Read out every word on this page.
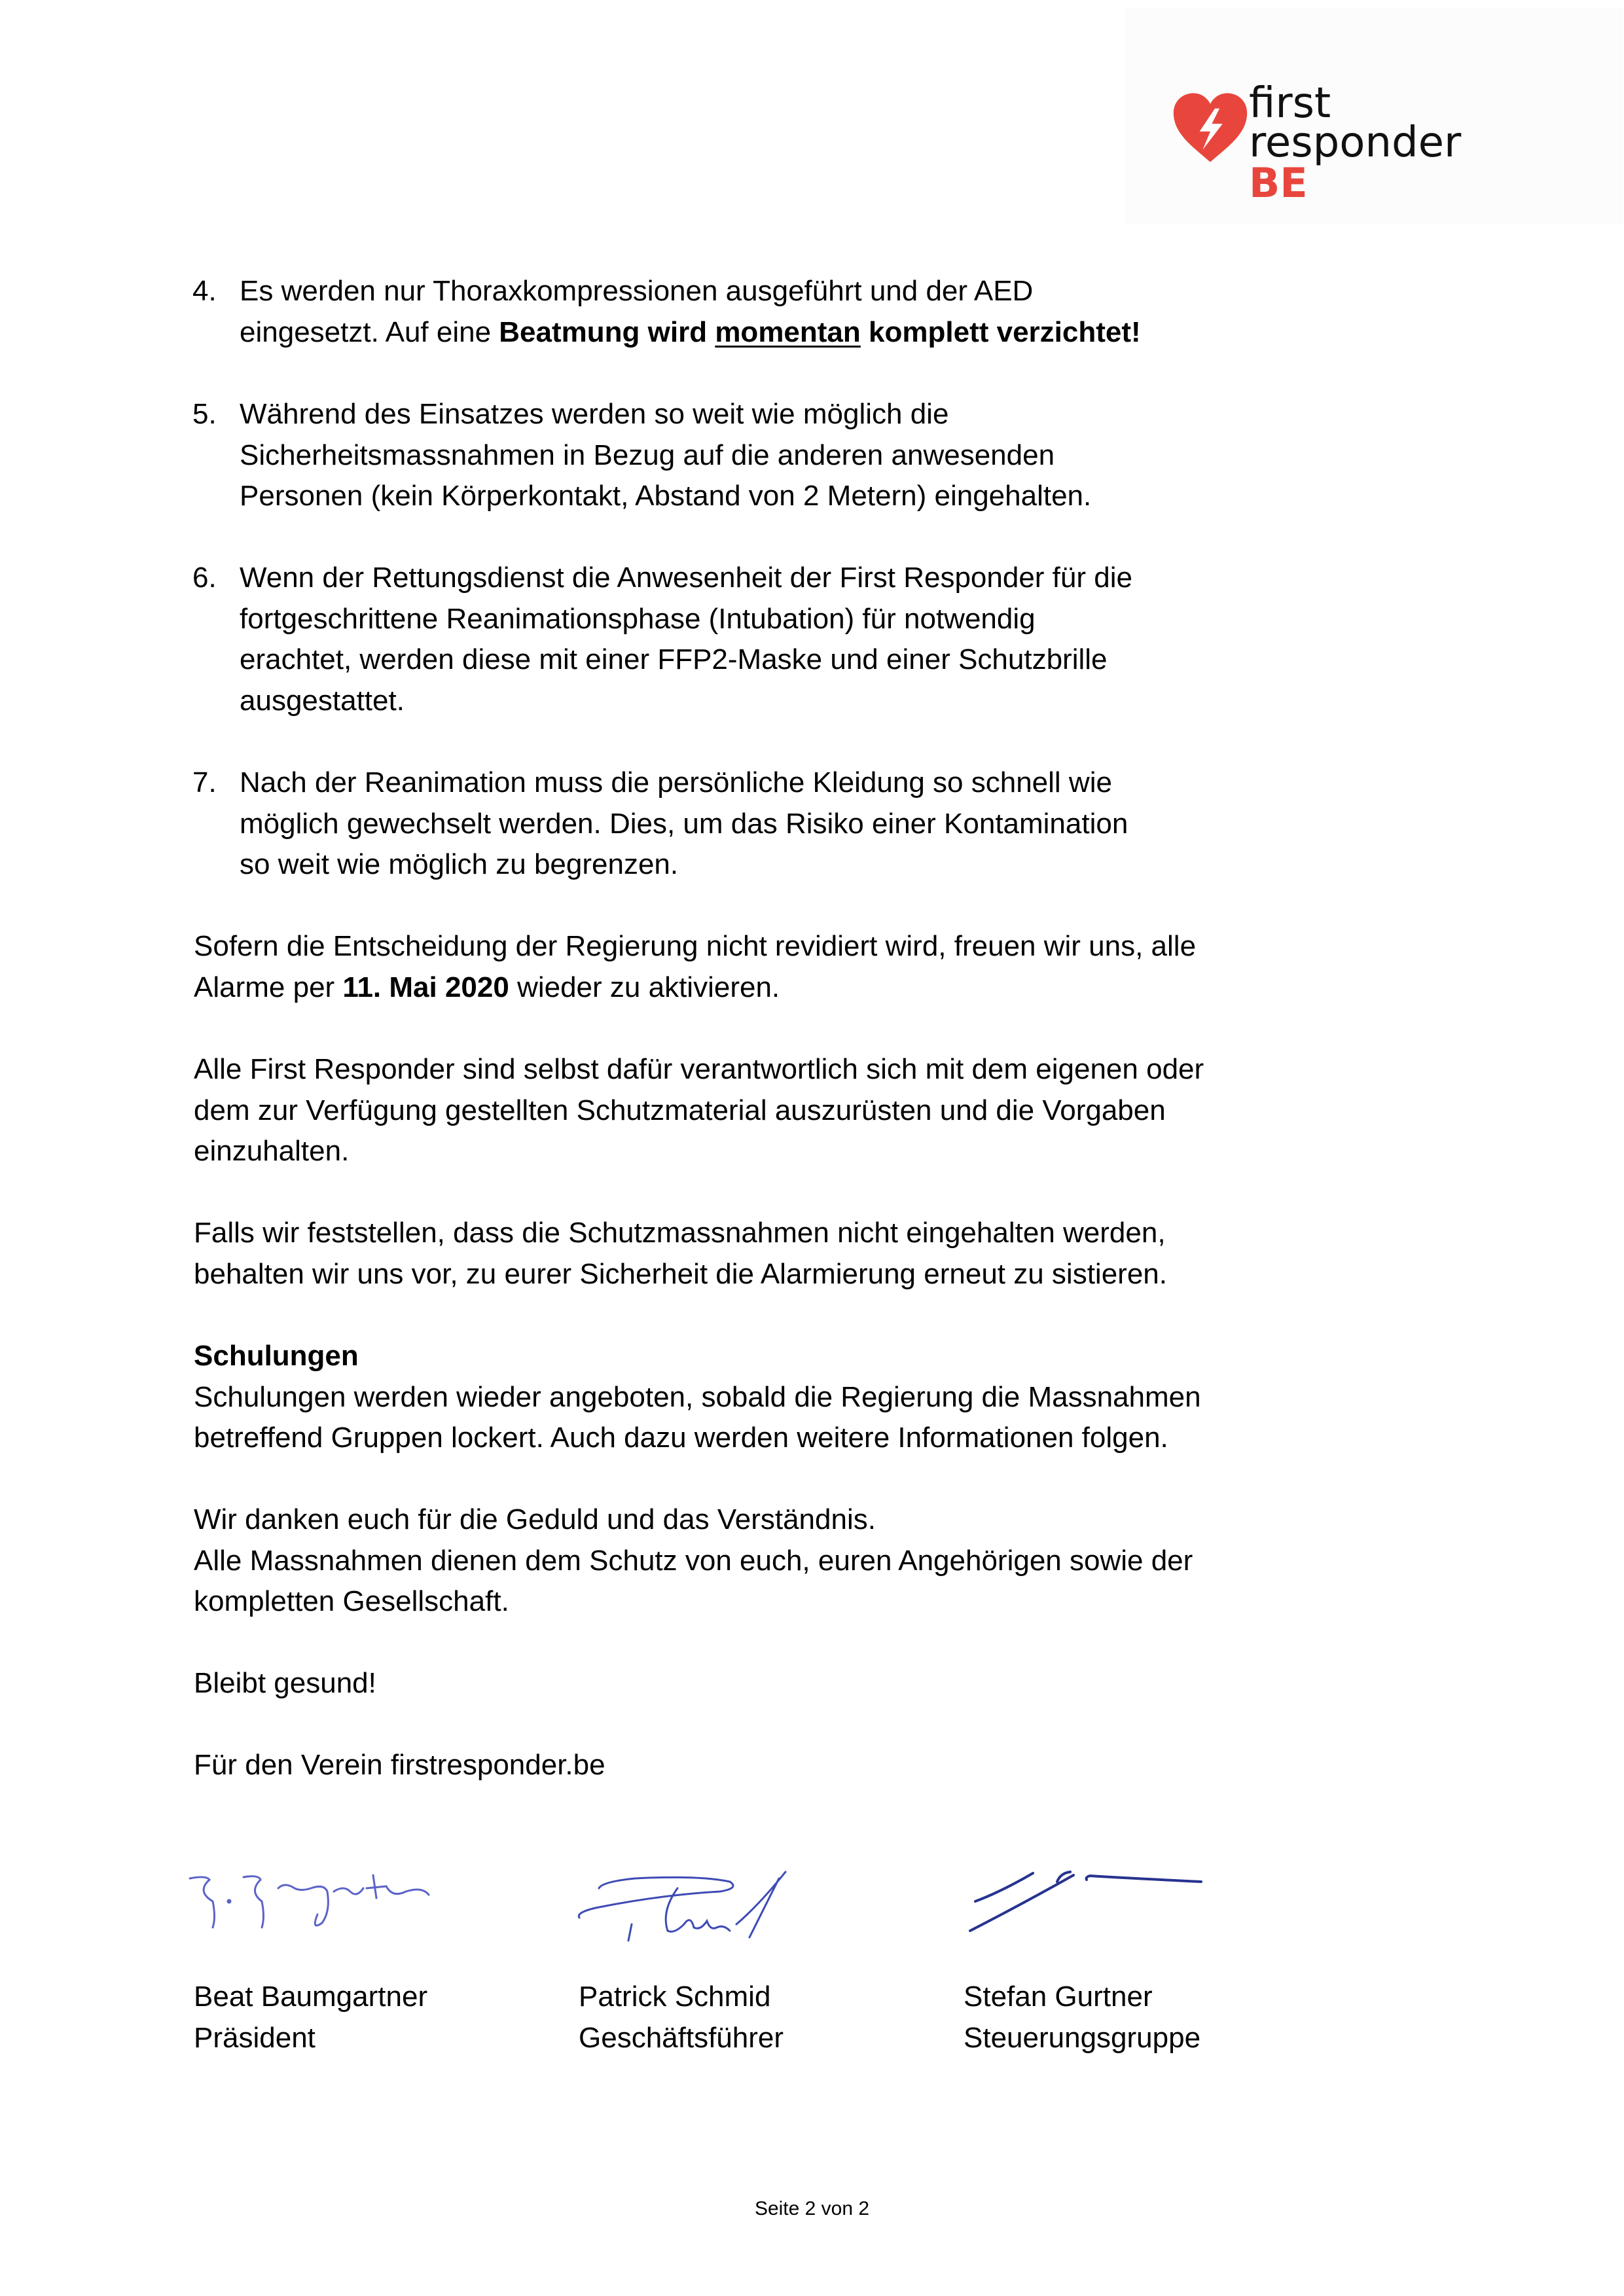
first
responder
BE
4. Es werden nur Thoraxkompressionen ausgeführt und der AED

eingesetzt. Auf eine Beatmung wird momentan komplett verzichtet!

5. Während des Einsatzes werden so weit wie möglich die

Sicherheitsmassnahmen in Bezug auf die anderen anwesenden

Personen (kein Körperkontakt, Abstand von 2 Metern) eingehalten.

6. Wenn der Rettungsdienst die Anwesenheit der First Responder für die

fortgeschrittene Reanimationsphase (Intubation) für notwendig

erachtet, werden diese mit einer FFP2-Maske und einer Schutzbrille

ausgestattet.

7. Nach der Reanimation muss die persönliche Kleidung so schnell wie

möglich gewechselt werden. Dies, um das Risiko einer Kontamination

so weit wie möglich zu begrenzen.

Sofern die Entscheidung der Regierung nicht revidiert wird, freuen wir uns, alle

Alarme per 11. Mai 2020 wieder zu aktivieren.

Alle First Responder sind selbst dafür verantwortlich sich mit dem eigenen oder

dem zur Verfügung gestellten Schutzmaterial auszurüsten und die Vorgaben

einzuhalten.

Falls wir feststellen, dass die Schutzmassnahmen nicht eingehalten werden,

behalten wir uns vor, zu eurer Sicherheit die Alarmierung erneut zu sistieren.

Schulungen

Schulungen werden wieder angeboten, sobald die Regierung die Massnahmen

betreffend Gruppen lockert. Auch dazu werden weitere Informationen folgen.

Wir danken euch für die Geduld und das Verständnis.

Alle Massnahmen dienen dem Schutz von euch, euren Angehörigen sowie der

kompletten Gesellschaft.

Bleibt gesund!

Für den Verein firstresponder.be

Beat Baumgartner

Präsident

Patrick Schmid

Geschäftsführer

Stefan Gurtner

Steuerungsgruppe

Seite 2 von 2
